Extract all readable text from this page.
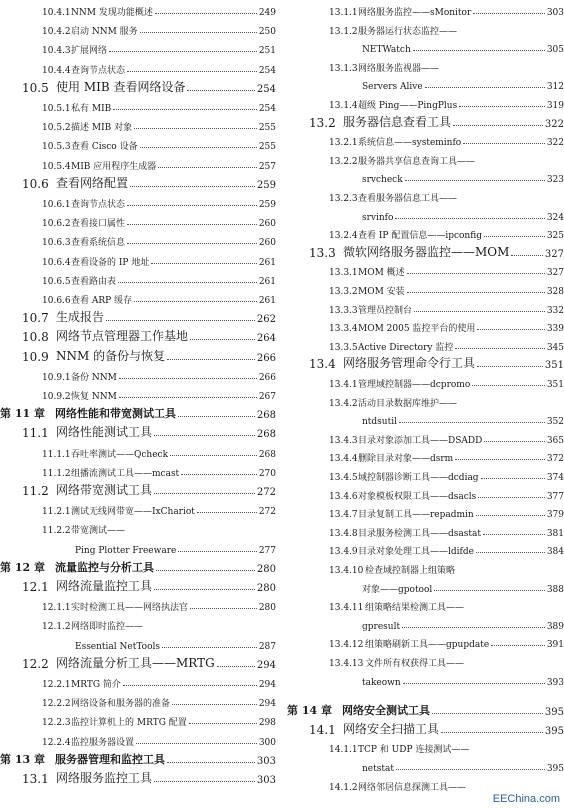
10.4.1 NNM 发现功能概述	249
10.4.2 启动 NNM 服务	250
10.4.3 扩展网络	251
10.4.4 查询节点状态	254
10.5 使用 MIB 查看网络设备	254
10.5.1 私有 MIB	254
10.5.2 描述 MIB 对象	255
10.5.3 查看 Cisco 设备	255
10.5.4 MIB 应用程序生成器	257
10.6 查看网络配置	259
10.6.1 查询节点状态	259
10.6.2 查看接口属性	260
10.6.3 查看系统信息	260
10.6.4 查看设备的 IP 地址	261
10.6.5 查看路由表	261
10.6.6 查看 ARP 缓存	261
10.7 生成报告	262
10.8 网络节点管理器工作基地	264
10.9 NNM 的备份与恢复	266
10.9.1 备份 NNM	266
10.9.2 恢复 NNM	267
第 11 章 网络性能和带宽测试工具	268
11.1 网络性能测试工具	268
11.1.1 吞吐率测试——Qcheck	268
11.1.2 组播流测试工具——mcast	270
11.2 网络带宽测试工具	272
11.2.1 测试无线网带宽——IxChariot	272
11.2.2 带宽测试——
Ping Plotter Freeware	277
第 12 章 流量监控与分析工具	280
12.1 网络流量监控工具	280
12.1.1 实时检测工具——网络执法官	280
12.1.2 网络即时监控——
Essential NetTools	287
12.2 网络流量分析工具——MRTG	294
12.2.1 MRTG 简介	294
12.2.2 网络设备和服务器的准备	294
12.2.3 监控计算机上的 MRTG 配置	298
12.2.4 监控服务器设置	300
第 13 章 服务器管理和监控工具	303
13.1 网络服务监控工具	303
13.1.1 网络服务监控——sMonitor	303
13.1.2 服务器运行状态监控——
NETWatch	305
13.1.3 网络服务监视器——
Servers Alive	312
13.1.4 超级 Ping——PingPlus	319
13.2 服务器信息查看工具	322
13.2.1 系统信息——systeminfo	322
13.2.2 服务器共享信息查询工具——
srvcheck	323
13.2.3 查看服务器信息工具——
srvinfo	324
13.2.4 查看 IP 配置信息——ipconfig	325
13.3 微软网络服务器监控——MOM	327
13.3.1 MOM 概述	327
13.3.2 MOM 安装	328
13.3.3 管理员控制台	332
13.3.4 MOM 2005 监控平台的使用	339
13.3.5 Active Directory 监控	345
13.4 网络服务管理命令行工具	351
13.4.1 管理域控制器——dcpromo	351
13.4.2 活动目录数据库维护——
ntdsutil	352
13.4.3 目录对象添加工具——DSADD	365
13.4.4 删除目录对象——dsrm	372
13.4.5 域控制器诊断工具——dcdiag	374
13.4.6 对象模板权限工具——dsacls	377
13.4.7 目录复制工具——repadmin	379
13.4.8 目录服务检测工具——dsastat	381
13.4.9 目录对象处理工具——ldifde	384
13.4.10 检查域控制器上组策略
对象——gpotool	388
13.4.11 组策略结果检测工具——
gpresult	389
13.4.12 组策略刷新工具——gpupdate	391
13.4.13 文件所有权获得工具——
takeown	393
第 14 章 网络安全测试工具	395
14.1 网络安全扫描工具	395
14.1.1 TCP 和 UDP 连接测试——
netstat	395
14.1.2 网络邻居信息探测工具——
EEChina.com
